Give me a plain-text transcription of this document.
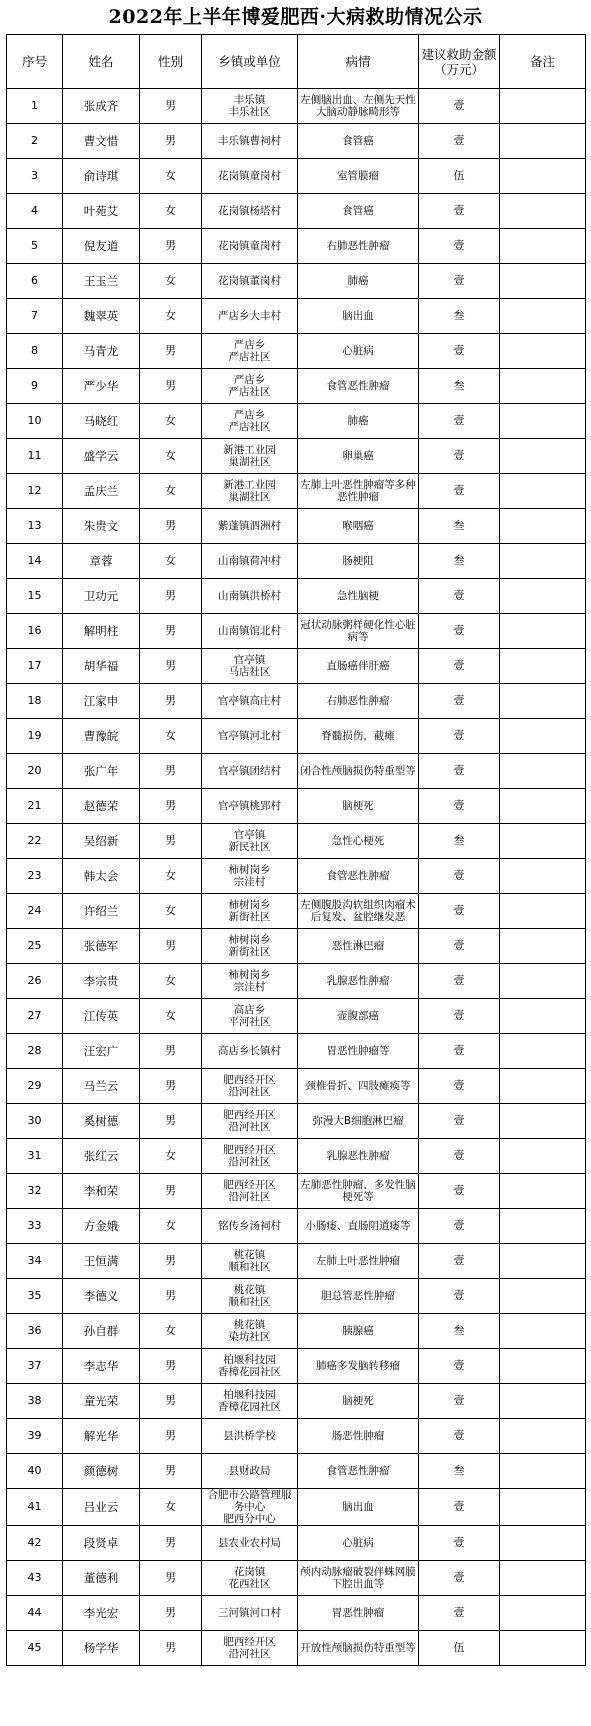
2022年上半年博爱肥西·大病救助情况公示
序号	姓名	性别	乡镇或单位	病情	建议救助金额（万元）	备注
1	张成齐	男	丰乐镇
丰乐社区	左侧脑出血、左侧先天性大脑动静脉畸形等	壹	
2	曹文惜	男	丰乐镇曹祠村	食管癌	壹	
3	俞诗琪	女	花岗镇童岗村	室管膜瘤	伍	
4	叶苑艾	女	花岗镇杨塔村	食管癌	壹	
5	倪友道	男	花岗镇童岗村	右肺恶性肿瘤	壹	
6	王玉兰	女	花岗镇董岗村	肺癌	壹	
7	魏翠英	女	严店乡大丰村	脑出血	叁	
8	马青龙	男	严店乡
严店社区	心脏病	壹	
9	严少华	男	严店乡
严店社区	食管恶性肿瘤	叁	
10	马晓红	女	严店乡
严店社区	肺癌	壹	
11	盛学云	女	新港工业园
巢湖社区	卵巢癌	壹	
12	孟庆兰	女	新港工业园
巢湖社区	左肺上叶恶性肿瘤等多种恶性肿瘤	壹	
13	朱贵文	男	紫蓬镇泗洲村	喉咽癌	叁	
14	章蓉	女	山南镇荷冲村	肠梗阻	叁	
15	卫功元	男	山南镇洪桥村	急性脑梗	壹	
16	解明柱	男	山南镇馆北村	冠状动脉粥样硬化性心脏病等	壹	
17	胡华福	男	官亭镇
马店社区	直肠癌伴肝癌	壹	
18	江家申	男	官亭镇高庄村	右肺恶性肿瘤	壹	
19	曹豫皖	女	官亭镇河北村	脊髓损伤，截瘫	壹	
20	张广年	男	官亭镇团结村	闭合性颅脑损伤特重型等	壹	
21	赵德荣	男	官亭镇桃郢村	脑梗死	壹	
22	吴绍新	男	官亭镇
新民社区	急性心梗死	叁	
23	韩太会	女	柿树岗乡
宗洼村	食管恶性肿瘤	壹	
24	许绍兰	女	柿树岗乡
新街社区	左侧腹股沟软组织肉瘤术后复发、盆腔继发恶	壹	
25	张德军	男	柿树岗乡
新街社区	恶性淋巴瘤	壹	
26	李宗贵	女	柿树岗乡
宗洼村	乳腺恶性肿瘤	壹	
27	江传英	女	高店乡
平河社区	壶腹部癌	壹	
28	汪宏广	男	高店乡长镇村	胃恶性肿瘤等	壹	
29	马兰云	男	肥西经开区
沿河社区	颈椎骨折、四肢瘫痪等	壹	
30	奚树德	男	肥西经开区
沿河社区	弥漫大B细胞淋巴瘤	壹	
31	张红云	女	肥西经开区
沿河社区	乳腺恶性肿瘤	壹	
32	李和荣	男	肥西经开区
沿河社区	左肺恶性肿瘤、多发性脑梗死等	壹	
33	方金娥	女	铭传乡汤祠村	小肠瘘、直肠阴道瘘等	壹	
34	王恒满	男	桃花镇
顺和社区	左肺上叶恶性肿瘤	壹	
35	李德义	男	桃花镇
顺和社区	胆总管恶性肿瘤	壹	
36	孙自群	女	桃花镇
染坊社区	胰腺癌	叁	
37	李志华	男	柏堰科技园
香樟花园社区	肺癌多发脑转移瘤	壹	
38	童光荣	男	柏堰科技园
香樟花园社区	脑梗死	壹	
39	解光华	男	县洪桥学校	肠恶性肿瘤	壹	
40	颜德树	男	县财政局	食管恶性肿瘤	叁	
41	吕业云	女	合肥市公路管理服务中心
肥西分中心	脑出血	壹	
42	段贤卓	男	县农业农村局	心脏病	壹	
43	董德利	男	花岗镇
花西社区	颅内动脉瘤破裂伴蛛网膜下腔出血等	壹	
44	李光宏	男	三河镇河口村	胃恶性肿瘤	壹	
45	杨学华	男	肥西经开区
沿河社区	开放性颅脑损伤特重型等	伍	
